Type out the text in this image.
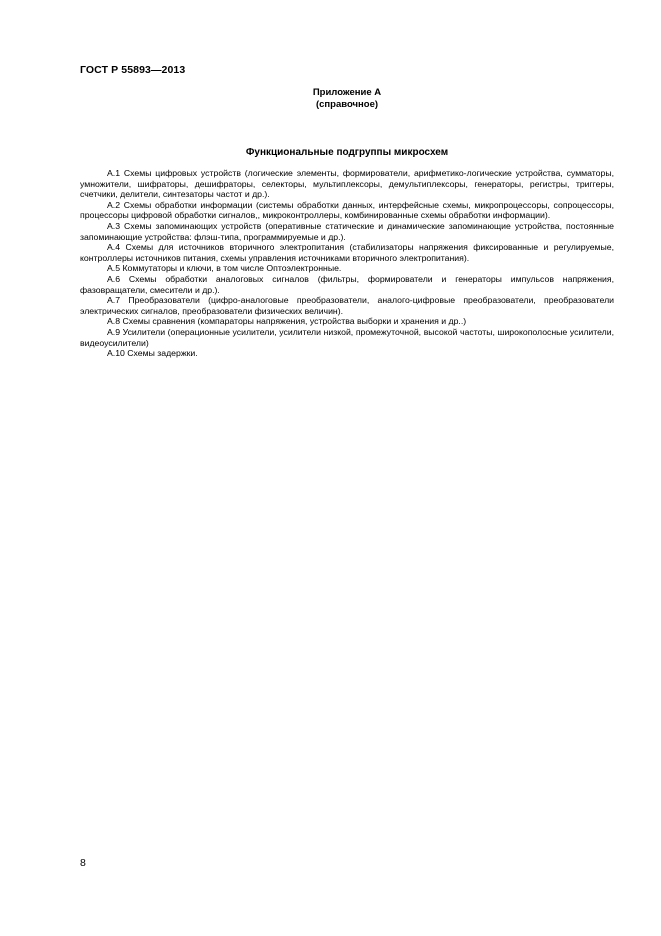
ГОСТ Р 55893—2013
Приложение А
(справочное)
Функциональные подгруппы микросхем

А.1 Схемы цифровых устройств (логические элементы, формирователи, арифметико-логические устройства, сумматоры, умножители, шифраторы, дешифраторы, селекторы, мультиплексоры, демультиплексоры, генераторы, регистры, триггеры, счетчики, делители, синтезаторы частот и др.).

А.2 Схемы обработки информации (системы обработки данных, интерфейсные схемы, микропроцессоры, сопроцессоры, процессоры цифровой обработки сигналов,, микроконтроллеры, комбинированные схемы обработки информации).

А.3 Схемы запоминающих устройств (оперативные статические и динамические запоминающие устройства, постоянные запоминающие устройства: флэш-типа, программируемые и др.).

А.4 Схемы для источников вторичного электропитания (стабилизаторы напряжения фиксированные и регулируемые, контроллеры источников питания, схемы управления источниками вторичного электропитания).

А.5 Коммутаторы и ключи, в том числе Оптоэлектронные.

А.6 Схемы обработки аналоговых сигналов (фильтры, формирователи и генераторы импульсов напряжения, фазовращатели, смесители и др.).

А.7 Преобразователи (цифро-аналоговые преобразователи, аналого-цифровые преобразователи, преобразователи электрических сигналов, преобразователи физических величин).

А.8 Схемы сравнения (компараторы напряжения, устройства выборки и хранения и др..)

А.9 Усилители (операционные усилители, усилители низкой, промежуточной, высокой частоты, широкополосные усилители, видеоусилители)

А.10 Схемы задержки.

8
